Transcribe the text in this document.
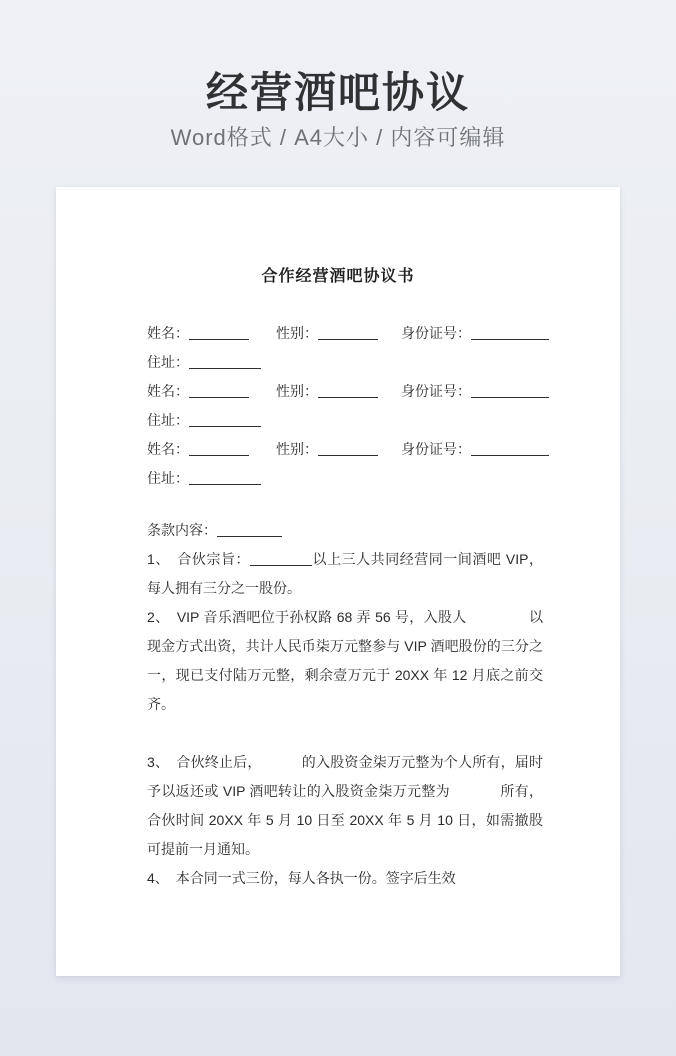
经营酒吧协议
Word格式 / A4大小 / 内容可编辑
合作经营酒吧协议书
姓名：	性别：	身份证号：
住址：
姓名：	性别：	身份证号：
住址：
姓名：	性别：	身份证号：
住址：
条款内容：
1、　合伙宗旨：	以上三人共同经营同一间酒吧 VIP，每人拥有三分之一股份。
2、　VIP 音乐酒吧位于孙权路 68 弄 56 号，入股人	以现金方式出资，共计人民币柒万元整参与 VIP 酒吧股份的三分之一，现已支付陆万元整，剩余壹万元于 20XX 年 12 月底之前交齐。
3、　合伙终止后，	的入股资金柒万元整为个人所有，届时予以返还或 VIP 酒吧转让的入股资金柒万元整为	所有，合伙时间 20XX 年 5 月 10 日至 20XX 年 5 月 10 日，如需撤股可提前一月通知。
4、　本合同一式三份，每人各执一份。签字后生效
